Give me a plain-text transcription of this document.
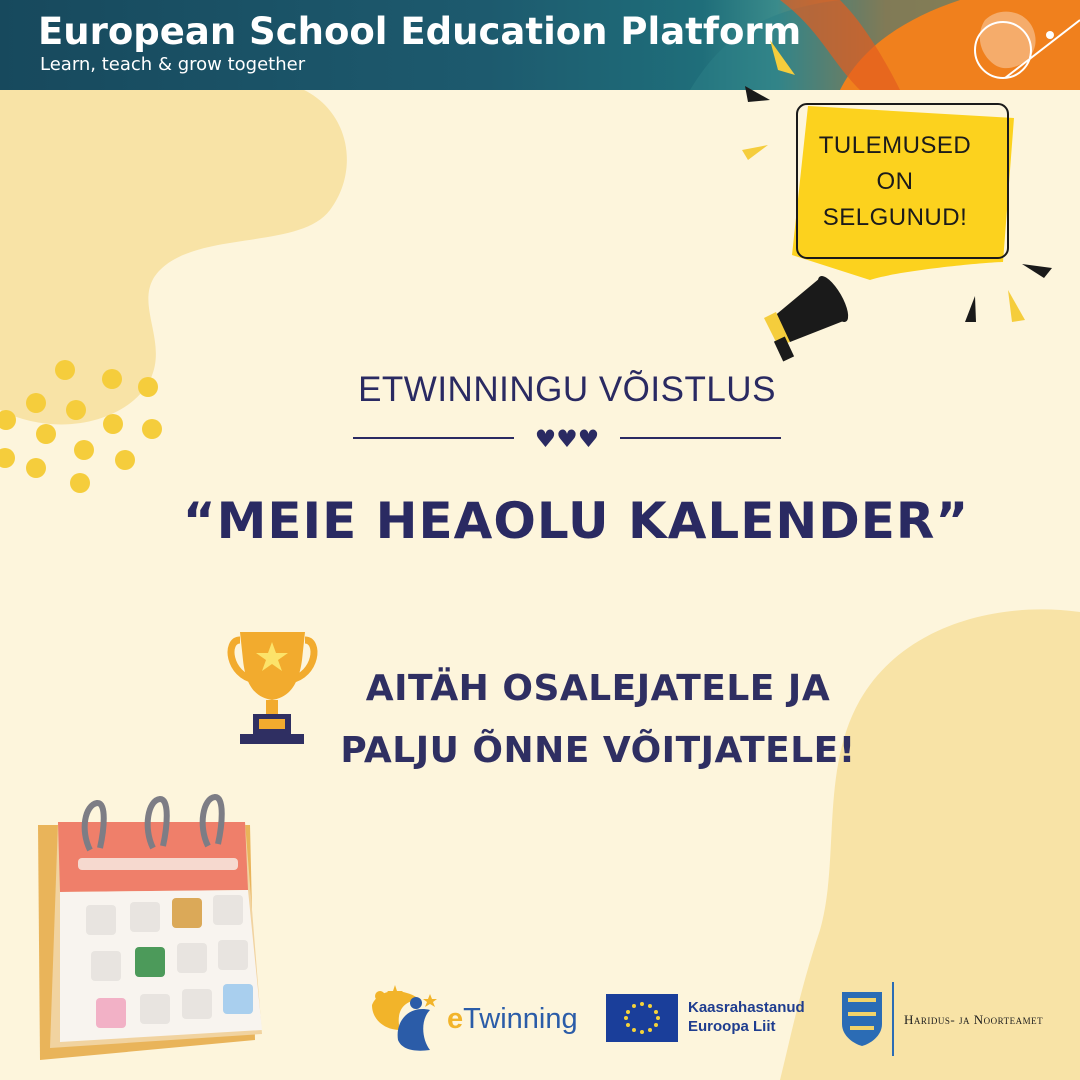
European School Education Platform
Learn, teach & grow together
TULEMUSED
ON
SELGUNUD!
ETWINNINGU VÕISTLUS
♥♥♥
“MEIE HEAOLU KALENDER”
AITÄH OSALEJATELE JA
PALJU ÕNNE VÕITJATELE!
eTwinning	Kaasrahastanud
Euroopa Liit	Haridus- ja Noorteamet
